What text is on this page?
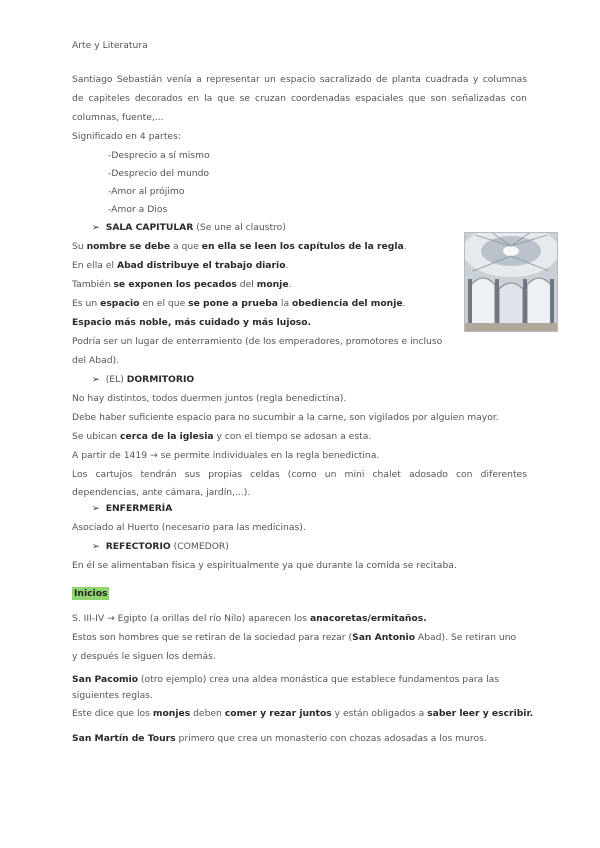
Arte y Literatura
Santiago Sebastián venía a representar un espacio sacralizado de planta cuadrada y columnas
de capiteles decorados en la que se cruzan coordenadas espaciales que son señalizadas con
columnas, fuente,...
Significado en 4 partes:
-Desprecio a sí mismo
-Desprecio del mundo
-Amor al prójimo
-Amor a Dios
➢ SALA CAPITULAR (Se une al claustro)
Su nombre se debe a que en ella se leen los capítulos de la regla.
En ella el Abad distribuye el trabajo diario.
También se exponen los pecados del monje.
Es un espacio en el que se pone a prueba la obediencia del monje.
Espacio más noble, más cuidado y más lujoso.
Podría ser un lugar de enterramiento (de los emperadores, promotores e incluso
del Abad).
➢ (EL) DORMITORIO
No hay distintos, todos duermen juntos (regla benedictina).
Debe haber suficiente espacio para no sucumbir a la carne, son vigilados por alguien mayor.
Se ubican cerca de la iglesia y con el tiempo se adosan a esta.
A partir de 1419 → se permite individuales en la regla benedictina.
Los cartujos tendrán sus propias celdas (como un mini chalet adosado con diferentes
dependencias, ante cámara, jardín,...).
➢ ENFERMERÍA
Asociado al Huerto (necesario para las medicinas).
➢ REFECTORIO (COMEDOR)
En él se alimentaban física y espiritualmente ya que durante la comida se recitaba.
Inicios
S. III-IV → Egipto (a orillas del río Nilo) aparecen los anacoretas/ermitaños.
Estos son hombres que se retiran de la sociedad para rezar (San Antonio Abad). Se retiran uno
y después le siguen los demás.
San Pacomio (otro ejemplo) crea una aldea monástica que establece fundamentos para las
siguientes reglas.
Este dice que los monjes deben comer y rezar juntos y están obligados a saber leer y escribir.
San Martín de Tours primero que crea un monasterio con chozas adosadas a los muros.
